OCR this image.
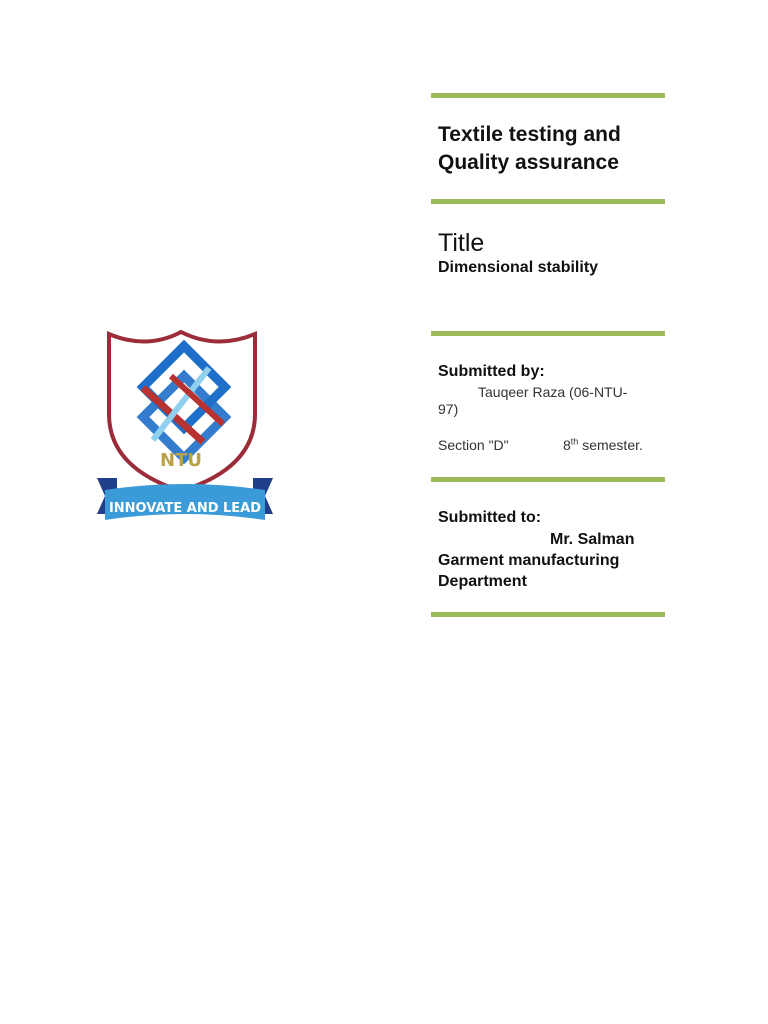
NTU
INNOVATE AND LEAD
Textile testing and
Quality assurance
Title
Dimensional stability
Submitted by:
Tauqeer Raza (06-NTU-
97)
Section "D"	8th semester.
Submitted to:
Mr. Salman
Garment manufacturing
Department
